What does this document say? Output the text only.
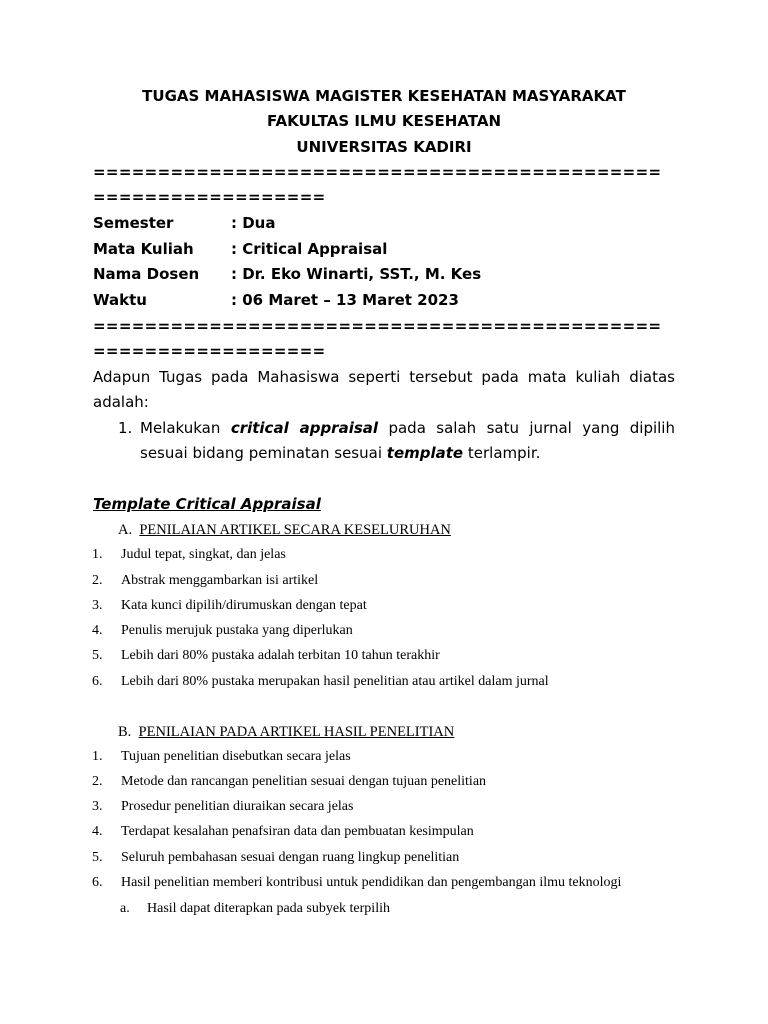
TUGAS MAHASISWA MAGISTER KESEHATAN MASYARAKAT
FAKULTAS ILMU KESEHATAN
UNIVERSITAS KADIRI
============================================
==================
Semester	: Dua
Mata Kuliah : Critical Appraisal
Nama Dosen : Dr. Eko Winarti, SST., M. Kes
Waktu	: 06 Maret – 13 Maret 2023
============================================
==================
Adapun Tugas pada Mahasiswa seperti tersebut pada mata kuliah diatas
adalah:
1. Melakukan critical appraisal pada salah satu jurnal yang dipilih
sesuai bidang peminatan sesuai template terlampir.
Template Critical Appraisal
A. PENILAIAN ARTIKEL SECARA KESELURUHAN
1. Judul tepat, singkat, dan jelas
2. Abstrak menggambarkan isi artikel
3. Kata kunci dipilih/dirumuskan dengan tepat
4. Penulis merujuk pustaka yang diperlukan
5. Lebih dari 80% pustaka adalah terbitan 10 tahun terakhir
6. Lebih dari 80% pustaka merupakan hasil penelitian atau artikel dalam jurnal
B. PENILAIAN PADA ARTIKEL HASIL PENELITIAN
1. Tujuan penelitian disebutkan secara jelas
2. Metode dan rancangan penelitian sesuai dengan tujuan penelitian
3. Prosedur penelitian diuraikan secara jelas
4. Terdapat kesalahan penafsiran data dan pembuatan kesimpulan
5. Seluruh pembahasan sesuai dengan ruang lingkup penelitian
6. Hasil penelitian memberi kontribusi untuk pendidikan dan pengembangan ilmu teknologi
a. Hasil dapat diterapkan pada subyek terpilih
